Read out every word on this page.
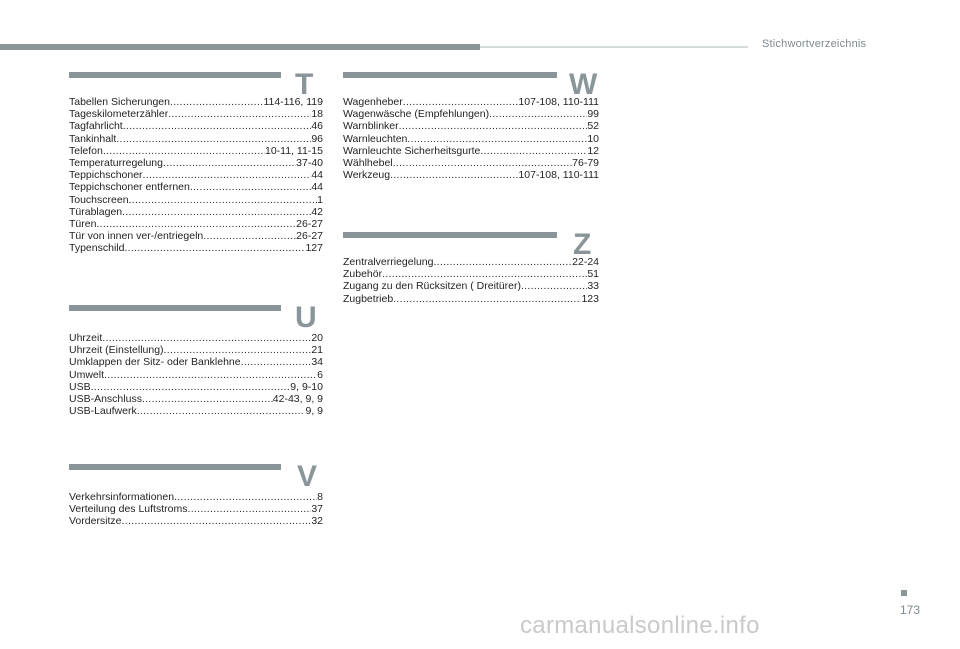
Stichwortverzeichnis
T
Tabellen Sicherungen .....	114-116, 119
Tageskilometerzähler .....	18
Tagfahrlicht .....	46
Tankinhalt .....	96
Telefon .....	10-11, 11-15
Temperaturregelung .....	37-40
Teppichschoner .....	44
Teppichschoner entfernen .....	44
Touchscreen .....	1
Türablagen .....	42
Türen .....	26-27
Tür von innen ver-/entriegeln .....	26-27
Typenschild .....	127
U
Uhrzeit .....	20
Uhrzeit (Einstellung) .....	21
Umklappen der Sitz- oder Banklehne .....	34
Umwelt .....	6
USB .....	9, 9-10
USB-Anschluss .....	42-43, 9, 9
USB-Laufwerk .....	9, 9
V
Verkehrsinformationen .....	8
Verteilung des Luftstroms .....	37
Vordersitze .....	32
W
Wagenheber .....	107-108, 110-111
Wagenwäsche (Empfehlungen) .....	99
Warnblinker .....	52
Warnleuchten .....	10
Warnleuchte Sicherheitsgurte .....	12
Wählhebel .....	76-79
Werkzeug .....	107-108, 110-111
Z
Zentralverriegelung .....	22-24
Zubehör .....	51
Zugang zu den Rücksitzen ( Dreitürer) .....	33
Zugbetrieb .....	123
173
carmanualsonline.info
